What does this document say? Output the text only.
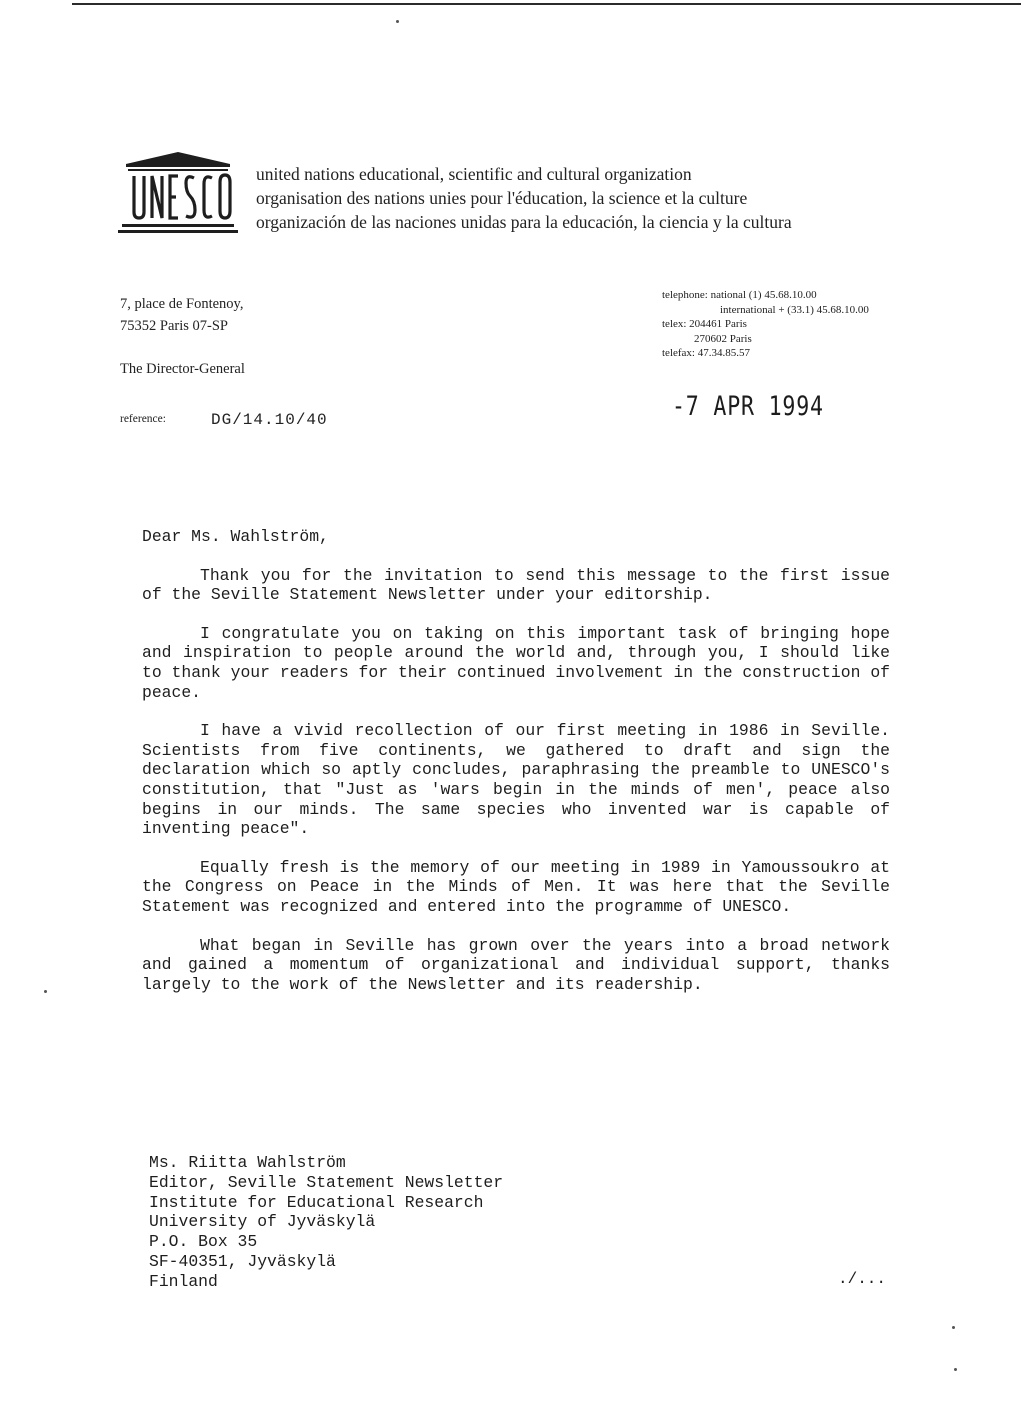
united nations educational, scientific and cultural organization
organisation des nations unies pour l'éducation, la science et la culture
organización de las naciones unidas para la educación, la ciencia y la cultura
7, place de Fontenoy,
75352 Paris 07-SP
The Director-General
telephone: national (1) 45.68.10.00
international + (33.1) 45.68.10.00
telex: 204461 Paris
270602 Paris
telefax: 47.34.85.57
reference:	DG/14.10/40	-7 APR 1994
Dear Ms. Wahlström,

Thank you for the invitation to send this message to the first issue of the Seville Statement Newsletter under your editorship.

I congratulate you on taking on this important task of bringing hope and inspiration to people around the world and, through you, I should like to thank your readers for their continued involvement in the construction of peace.

I have a vivid recollection of our first meeting in 1986 in Seville. Scientists from five continents, we gathered to draft and sign the declaration which so aptly concludes, paraphrasing the preamble to UNESCO's constitution, that "Just as 'wars begin in the minds of men', peace also begins in our minds. The same species who invented war is capable of inventing peace".

Equally fresh is the memory of our meeting in 1989 in Yamoussoukro at the Congress on Peace in the Minds of Men. It was here that the Seville Statement was recognized and entered into the programme of UNESCO.

What began in Seville has grown over the years into a broad network and gained a momentum of organizational and individual support, thanks largely to the work of the Newsletter and its readership.

Ms. Riitta Wahlström
Editor, Seville Statement Newsletter
Institute for Educational Research
University of Jyväskylä
P.O. Box 35
SF-40351, Jyväskylä
Finland	./...
